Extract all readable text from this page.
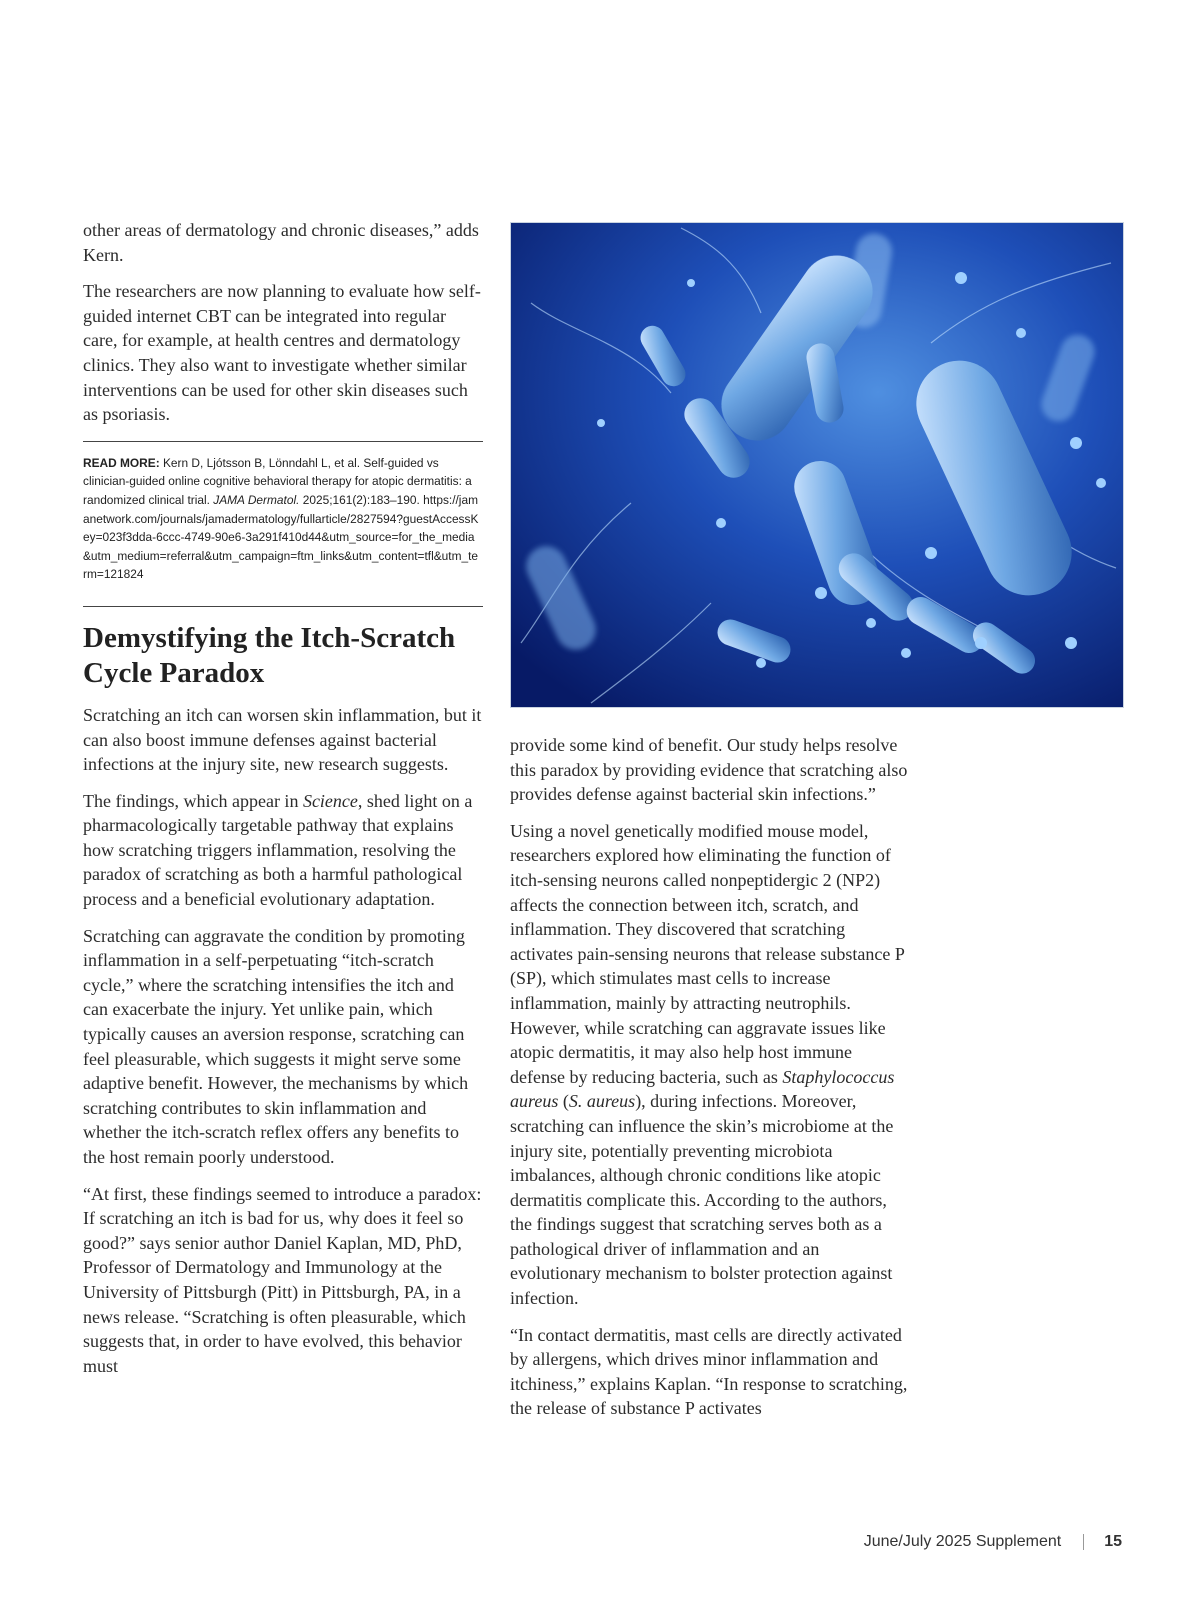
other areas of dermatology and chronic diseases,” adds Kern.

The researchers are now planning to evaluate how self-guided internet CBT can be integrated into regular care, for example, at health centres and dermatology clinics. They also want to investigate whether similar interventions can be used for other skin diseases such as psoriasis.

READ MORE: Kern D, Ljótsson B, Lönndahl L, et al. Self-guided vs clinician-guided online cognitive behavioral therapy for atopic dermatitis: a randomized clinical trial. JAMA Dermatol. 2025;161(2):183–190. https://jamanetwork.com/journals/jamadermatology/fullarticle/2827594?guestAccessKey=023f3dda-6ccc-4749-90e6-3a291f410d44&utm_source=for_the_media&utm_medium=referral&utm_campaign=ftm_links&utm_content=tfl&utm_term=121824

Demystifying the Itch-Scratch Cycle Paradox

Scratching an itch can worsen skin inflammation, but it can also boost immune defenses against bacterial infections at the injury site, new research suggests.

The findings, which appear in Science, shed light on a pharmacologically targetable pathway that explains how scratching triggers inflammation, resolving the paradox of scratching as both a harmful pathological process and a beneficial evolutionary adaptation.

Scratching can aggravate the condition by promoting inflammation in a self-perpetuating “itch-scratch cycle,” where the scratching intensifies the itch and can exacerbate the injury. Yet unlike pain, which typically causes an aversion response, scratching can feel pleasurable, which suggests it might serve some adaptive benefit. However, the mechanisms by which scratching contributes to skin inflammation and whether the itch-scratch reflex offers any benefits to the host remain poorly understood.

“At first, these findings seemed to introduce a paradox: If scratching an itch is bad for us, why does it feel so good?” says senior author Daniel Kaplan, MD, PhD, Professor of Dermatology and Immunology at the University of Pittsburgh (Pitt) in Pittsburgh, PA, in a news release. “Scratching is often pleasurable, which suggests that, in order to have evolved, this behavior must

provide some kind of benefit. Our study helps resolve this paradox by providing evidence that scratching also provides defense against bacterial skin infections.”

Using a novel genetically modified mouse model, researchers explored how eliminating the function of itch-sensing neurons called nonpeptidergic 2 (NP2) affects the connection between itch, scratch, and inflammation. They discovered that scratching activates pain-sensing neurons that release substance P (SP), which stimulates mast cells to increase inflammation, mainly by attracting neutrophils. However, while scratching can aggravate issues like atopic dermatitis, it may also help host immune defense by reducing bacteria, such as Staphylococcus aureus (S. aureus), during infections. Moreover, scratching can influence the skin’s microbiome at the injury site, potentially preventing microbiota imbalances, although chronic conditions like atopic dermatitis complicate this. According to the authors, the findings suggest that scratching serves both as a pathological driver of inflammation and an evolutionary mechanism to bolster protection against infection.

“In contact dermatitis, mast cells are directly activated by allergens, which drives minor inflammation and itchiness,” explains Kaplan. “In response to scratching, the release of substance P activates

June/July 2025 Supplement	15
